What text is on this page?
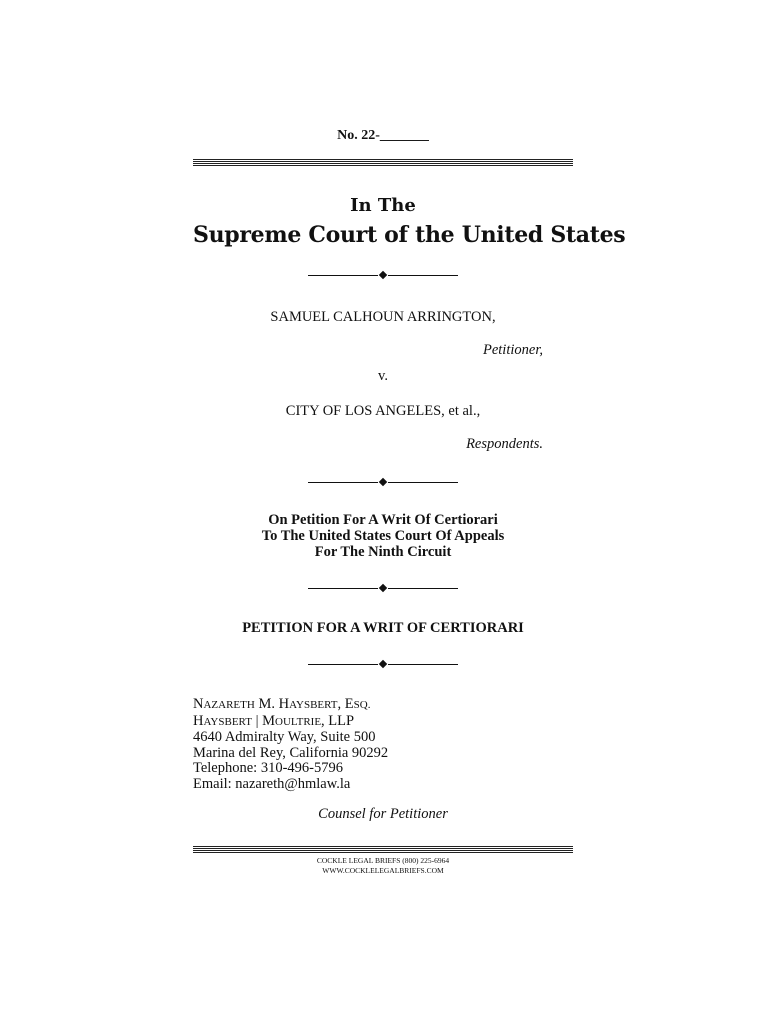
No. 22-_______
In The
Supreme Court of the United States
SAMUEL CALHOUN ARRINGTON,
Petitioner,
v.
CITY OF LOS ANGELES, et al.,
Respondents.
On Petition For A Writ Of Certiorari
To The United States Court Of Appeals
For The Ninth Circuit
PETITION FOR A WRIT OF CERTIORARI
NAZARETH M. HAYSBERT, ESQ.
HAYSBERT | MOULTRIE, LLP
4640 Admiralty Way, Suite 500
Marina del Rey, California 90292
Telephone: 310-496-5796
Email: nazareth@hmlaw.la
Counsel for Petitioner
COCKLE LEGAL BRIEFS (800) 225-6964
WWW.COCKLELEGALBRIEFS.COM
